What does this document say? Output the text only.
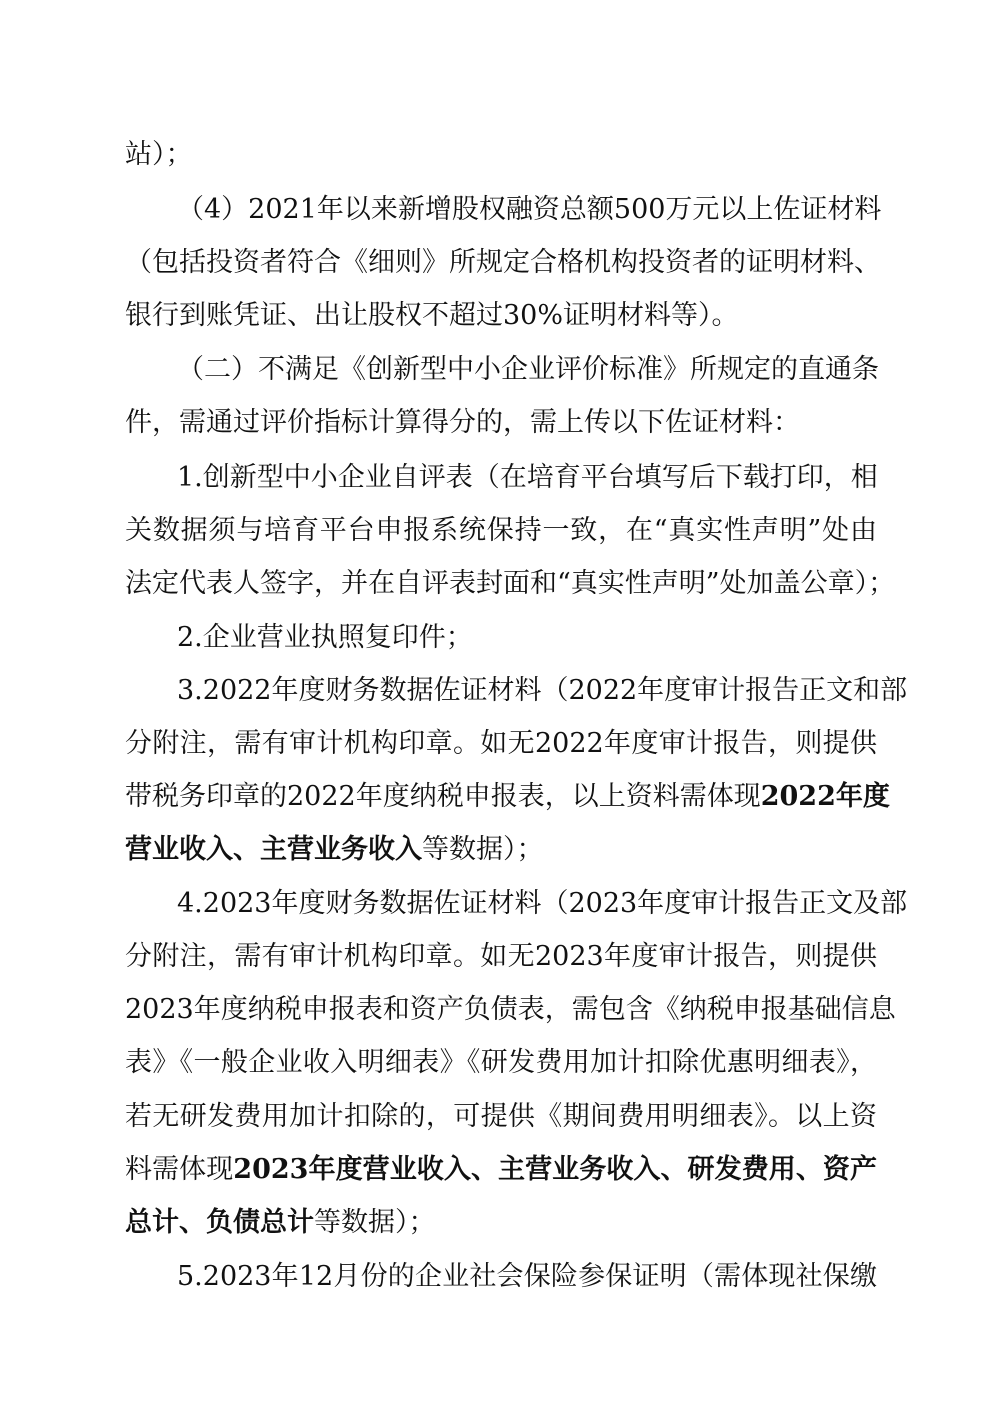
站）；
（4）2021年以来新增股权融资总额500万元以上佐证材料
（包括投资者符合《细则》所规定合格机构投资者的证明材料、
银行到账凭证、出让股权不超过30%证明材料等）。
（二）不满足《创新型中小企业评价标准》所规定的直通条
件，需通过评价指标计算得分的，需上传以下佐证材料：
1.创新型中小企业自评表（在培育平台填写后下载打印，相
关数据须与培育平台申报系统保持一致，在“真实性声明”处由
法定代表人签字，并在自评表封面和“真实性声明”处加盖公章）；
2.企业营业执照复印件；
3.2022年度财务数据佐证材料（2022年度审计报告正文和部
分附注，需有审计机构印章。如无2022年度审计报告，则提供
带税务印章的2022年度纳税申报表，以上资料需体现2022年度
营业收入、主营业务收入等数据）；
4.2023年度财务数据佐证材料（2023年度审计报告正文及部
分附注，需有审计机构印章。如无2023年度审计报告，则提供
2023年度纳税申报表和资产负债表，需包含《纳税申报基础信息
表》《一般企业收入明细表》《研发费用加计扣除优惠明细表》，
若无研发费用加计扣除的，可提供《期间费用明细表》。以上资
料需体现2023年度营业收入、主营业务收入、研发费用、资产
总计、负债总计等数据）；
5.2023年12月份的企业社会保险参保证明（需体现社保缴
